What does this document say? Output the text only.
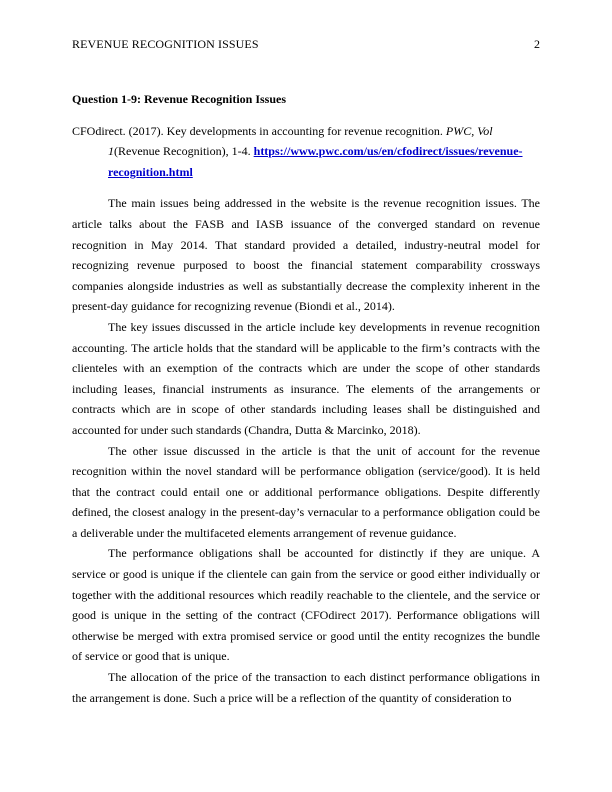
REVENUE RECOGNITION ISSUES	2

Question 1-9: Revenue Recognition Issues

CFOdirect. (2017). Key developments in accounting for revenue recognition. PWC, Vol 1(Revenue Recognition), 1-4. https://www.pwc.com/us/en/cfodirect/issues/revenue-recognition.html

The main issues being addressed in the website is the revenue recognition issues. The article talks about the FASB and IASB issuance of the converged standard on revenue recognition in May 2014. That standard provided a detailed, industry-neutral model for recognizing revenue purposed to boost the financial statement comparability crossways companies alongside industries as well as substantially decrease the complexity inherent in the present-day guidance for recognizing revenue (Biondi et al., 2014).

The key issues discussed in the article include key developments in revenue recognition accounting. The article holds that the standard will be applicable to the firm’s contracts with the clienteles with an exemption of the contracts which are under the scope of other standards including leases, financial instruments as insurance. The elements of the arrangements or contracts which are in scope of other standards including leases shall be distinguished and accounted for under such standards (Chandra, Dutta & Marcinko, 2018).

The other issue discussed in the article is that the unit of account for the revenue recognition within the novel standard will be performance obligation (service/good). It is held that the contract could entail one or additional performance obligations. Despite differently defined, the closest analogy in the present-day’s vernacular to a performance obligation could be a deliverable under the multifaceted elements arrangement of revenue guidance.

The performance obligations shall be accounted for distinctly if they are unique. A service or good is unique if the clientele can gain from the service or good either individually or together with the additional resources which readily reachable to the clientele, and the service or good is unique in the setting of the contract (CFOdirect 2017). Performance obligations will otherwise be merged with extra promised service or good until the entity recognizes the bundle of service or good that is unique.

The allocation of the price of the transaction to each distinct performance obligations in the arrangement is done. Such a price will be a reflection of the quantity of consideration to
